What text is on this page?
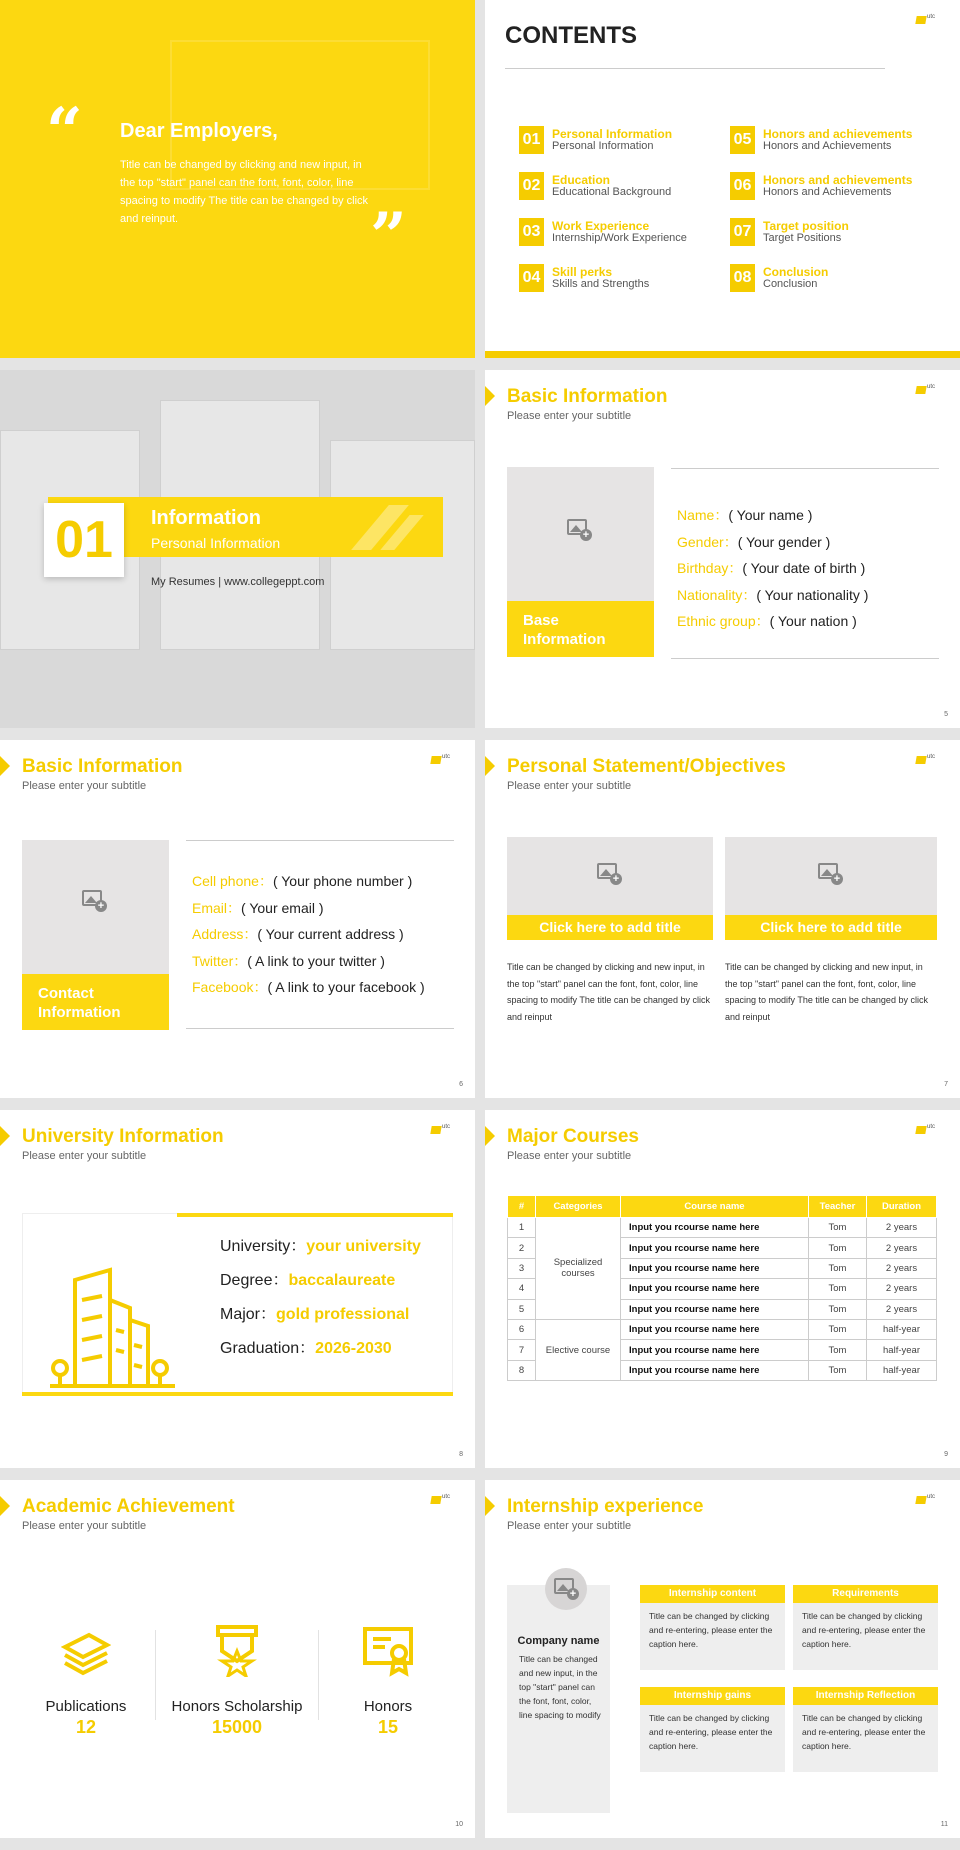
“ Dear Employers,
Title can be changed by clicking and new input, in the top "start" panel can the font, font, color, line spacing to modify The title can be changed by click and reinput.	”
CONTENTS
utc
01 Personal Information
Personal Information
02 Education
Educational Background
03 Work Experience
Internship/Work Experience
04 Skill perks
Skills and Strengths
05 Honors and achievements
Honors and Achievements
06 Honors and achievements
Honors and Achievements
07 Target position
Target Positions
08 Conclusion
Conclusion
01	Information
Personal Information
My Resumes | www.collegeppt.com
Basic Information
Please enter your subtitle
utc
+
Base Information
Name：( Your name )
Gender：( Your gender )
Birthday：( Your date of birth )
Nationality：( Your nationality )
Ethnic group：( Your nation )
5
Basic Information
Please enter your subtitle
utc
+
Contact Information
Cell phone：( Your phone number )
Email：( Your email )
Address：( Your current address )
Twitter：( A link to your twitter )
Facebook：( A link to your facebook )
6
Personal Statement/Objectives
Please enter your subtitle
utc
+	+
Click here to add title	Click here to add title
Title can be changed by clicking and new input, in the top "start" panel can the font, font, color, line spacing to modify The title can be changed by click and reinput
Title can be changed by clicking and new input, in the top "start" panel can the font, font, color, line spacing to modify The title can be changed by click and reinput
7
University Information
Please enter your subtitle
utc
University：your university
Degree：baccalaureate
Major：gold professional
Graduation：2026-2030
8
Major Courses
Please enter your subtitle
utc
#	Categories	Course name	Teacher	Duration
1	Specialized courses	Input you rcourse name here	Tom	2 years
2		Input you rcourse name here	Tom	2 years
3		Input you rcourse name here	Tom	2 years
4		Input you rcourse name here	Tom	2 years
5		Input you rcourse name here	Tom	2 years
6	Elective course	Input you rcourse name here	Tom	half-year
7		Input you rcourse name here	Tom	half-year
8		Input you rcourse name here	Tom	half-year
9
Academic Achievement
Please enter your subtitle
utc
Publications
12
Honors Scholarship
15000
Honors
15
10
Internship experience
Please enter your subtitle
utc
+
Company name
Title can be changed and new input, in the top "start" panel can the font, font, color, line spacing to modify
Internship content
Title can be changed by clicking and re-entering, please enter the caption here.
Requirements
Title can be changed by clicking and re-entering, please enter the caption here.
Internship gains
Title can be changed by clicking and re-entering, please enter the caption here.
Internship Reflection
Title can be changed by clicking and re-entering, please enter the caption here.
11
